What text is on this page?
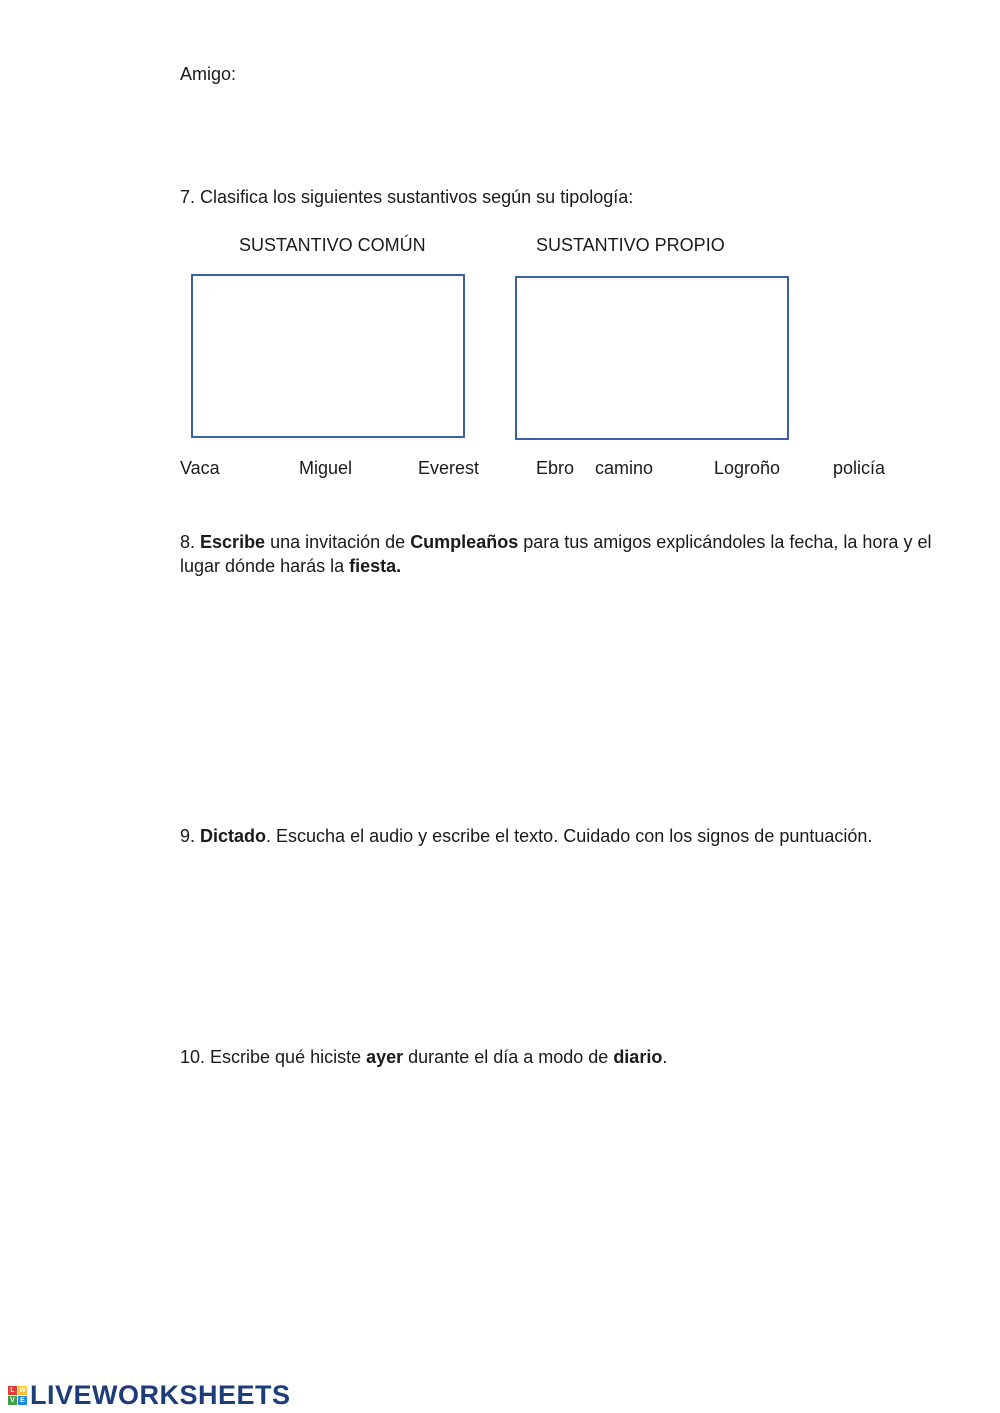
Amigo:
7. Clasifica los siguientes sustantivos según su tipología:
SUSTANTIVO COMÚN	SUSTANTIVO PROPIO
Vaca	Miguel	Everest	Ebro camino	Logroño	policía
8. Escribe una invitación de Cumpleaños para tus amigos explicándoles la fecha, la hora y el
lugar dónde harás la fiesta.
9. Dictado. Escucha el audio y escribe el texto. Cuidado con los signos de puntuación.
10. Escribe qué hiciste ayer durante el día a modo de diario.
L W
V E LIVEWORKSHEETS
